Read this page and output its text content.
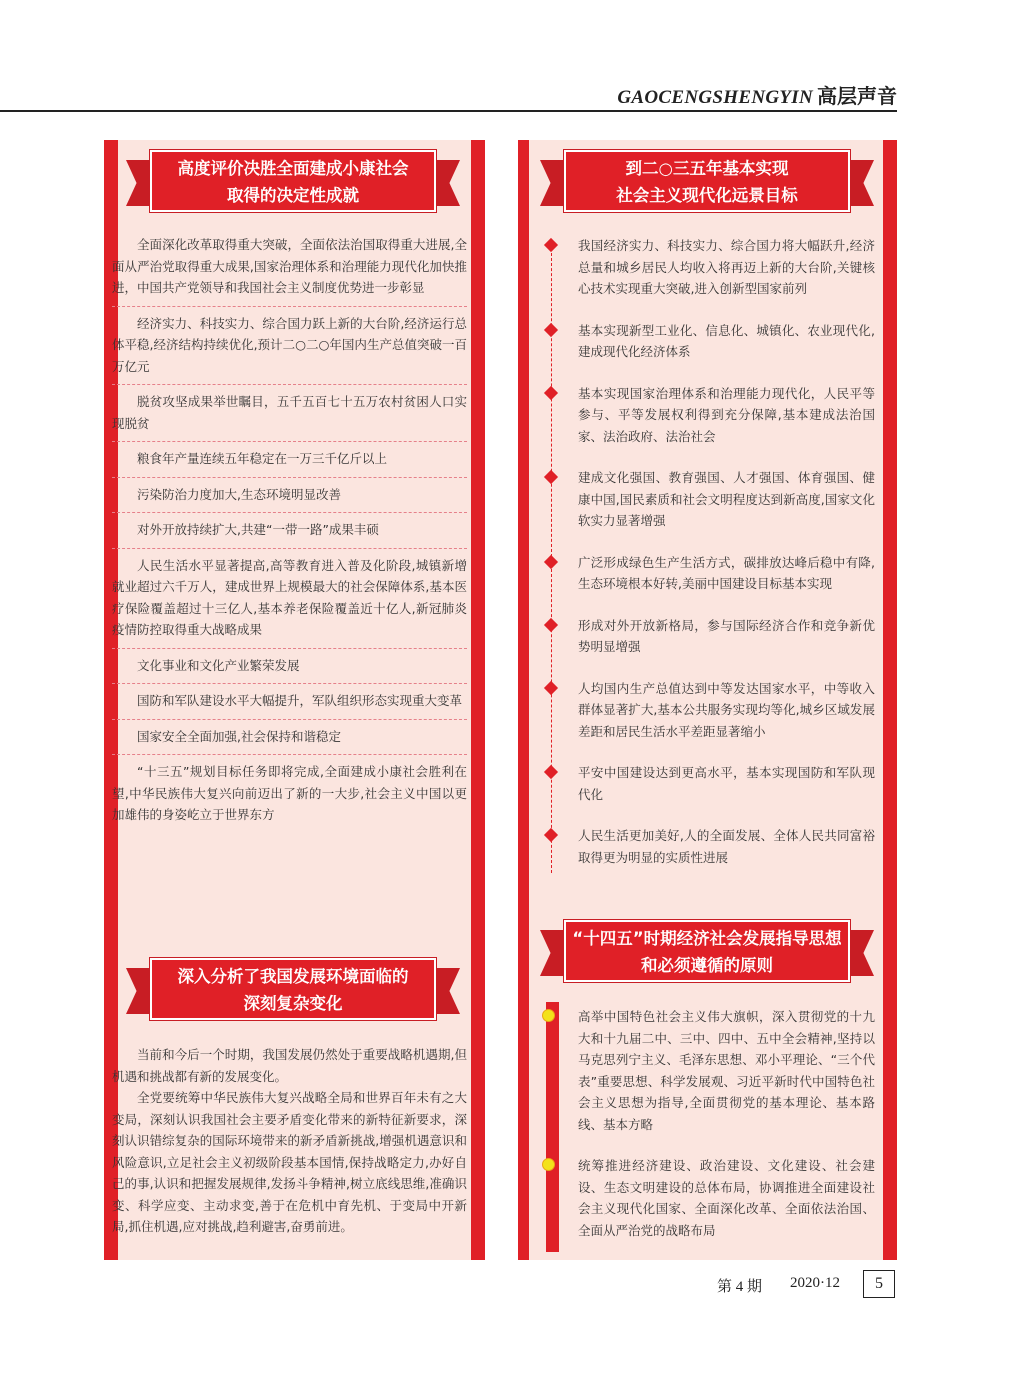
GAOCENGSHENGYIN 高层声音
高度评价决胜全面建成小康社会
取得的决定性成就

全面深化改革取得重大突破，全面依法治国取得重大进展,全面从严治党取得重大成果,国家治理体系和治理能力现代化加快推进，中国共产党领导和我国社会主义制度优势进一步彰显

经济实力、科技实力、综合国力跃上新的大台阶,经济运行总体平稳,经济结构持续优化,预计二○二○年国内生产总值突破一百万亿元

脱贫攻坚成果举世瞩目，五千五百七十五万农村贫困人口实现脱贫

粮食年产量连续五年稳定在一万三千亿斤以上

污染防治力度加大,生态环境明显改善

对外开放持续扩大,共建“一带一路”成果丰硕

人民生活水平显著提高,高等教育进入普及化阶段,城镇新增就业超过六千万人，建成世界上规模最大的社会保障体系,基本医疗保险覆盖超过十三亿人,基本养老保险覆盖近十亿人,新冠肺炎疫情防控取得重大战略成果

文化事业和文化产业繁荣发展

国防和军队建设水平大幅提升，军队组织形态实现重大变革

国家安全全面加强,社会保持和谐稳定

“十三五”规划目标任务即将完成,全面建成小康社会胜利在望,中华民族伟大复兴向前迈出了新的一大步,社会主义中国以更加雄伟的身姿屹立于世界东方

深入分析了我国发展环境面临的
深刻复杂变化

当前和今后一个时期，我国发展仍然处于重要战略机遇期,但机遇和挑战都有新的发展变化。

全党要统筹中华民族伟大复兴战略全局和世界百年未有之大变局，深刻认识我国社会主要矛盾变化带来的新特征新要求，深刻认识错综复杂的国际环境带来的新矛盾新挑战,增强机遇意识和风险意识,立足社会主义初级阶段基本国情,保持战略定力,办好自己的事,认识和把握发展规律,发扬斗争精神,树立底线思维,准确识变、科学应变、主动求变,善于在危机中育先机、于变局中开新局,抓住机遇,应对挑战,趋利避害,奋勇前进。

到二○三五年基本实现
社会主义现代化远景目标
我国经济实力、科技实力、综合国力将大幅跃升,经济总量和城乡居民人均收入将再迈上新的大台阶,关键核心技术实现重大突破,进入创新型国家前列
基本实现新型工业化、信息化、城镇化、农业现代化,建成现代化经济体系
基本实现国家治理体系和治理能力现代化，人民平等参与、平等发展权利得到充分保障,基本建成法治国家、法治政府、法治社会
建成文化强国、教育强国、人才强国、体育强国、健康中国,国民素质和社会文明程度达到新高度,国家文化软实力显著增强
广泛形成绿色生产生活方式，碳排放达峰后稳中有降,生态环境根本好转,美丽中国建设目标基本实现
形成对外开放新格局，参与国际经济合作和竞争新优势明显增强
人均国内生产总值达到中等发达国家水平，中等收入群体显著扩大,基本公共服务实现均等化,城乡区域发展差距和居民生活水平差距显著缩小
平安中国建设达到更高水平，基本实现国防和军队现代化
人民生活更加美好,人的全面发展、全体人民共同富裕取得更为明显的实质性进展
“十四五”时期经济社会发展指导思想
和必须遵循的原则
高举中国特色社会主义伟大旗帜，深入贯彻党的十九大和十九届二中、三中、四中、五中全会精神,坚持以马克思列宁主义、毛泽东思想、邓小平理论、“三个代表”重要思想、科学发展观、习近平新时代中国特色社会主义思想为指导,全面贯彻党的基本理论、基本路线、基本方略
统筹推进经济建设、政治建设、文化建设、社会建设、生态文明建设的总体布局，协调推进全面建设社会主义现代化国家、全面深化改革、全面依法治国、全面从严治党的战略布局
第 4 期 2020·12	5
